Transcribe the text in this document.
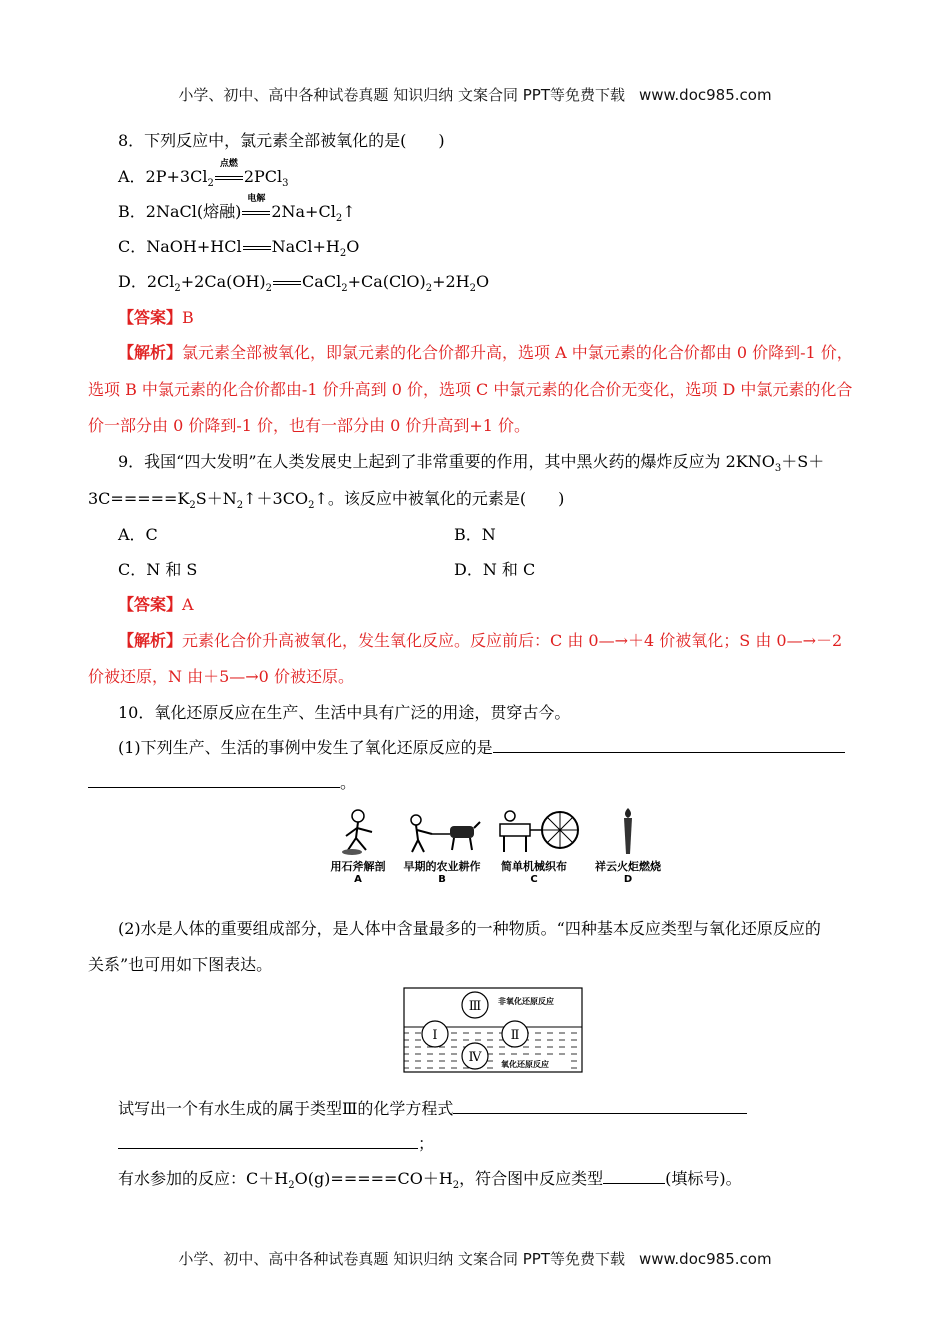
小学、初中、高中各种试卷真题 知识归纳 文案合同 PPT等免费下载 www.doc985.com
8．下列反应中，氯元素全部被氧化的是(　　)
A．$2P+3Cl_2$
点燃
2PCl$_3$
B．2NaCl(熔融)
电解
$2Na+Cl_2↑$
C．NaOH+HCl $NaCl+H_2O$
D．$2Cl_2+2Ca(OH)_2$ $CaCl_2+Ca(ClO)_2+2H_2O$
【答案】B
【解析】氯元素全部被氧化，即氯元素的化合价都升高，选项 A 中氯元素的化合价都由 0 价降到-1 价，
选项 B 中氯元素的化合价都由-1 价升高到 0 价，选项 C 中氯元素的化合价无变化，选项 D 中氯元素的化合
价一部分由 0 价降到-1 价，也有一部分由 0 价升高到+1 价。
9．我国“四大发明”在人类发展史上起到了非常重要的作用，其中黑火药的爆炸反应为 $2KNO_3+S+$
$3C=====K_2S+N_2↑+3CO_2↑$。该反应中被氧化的元素是(　　)
A．C	B．N
C．N 和 S	D．N 和 C
【答案】A
【解析】元素化合价升高被氧化，发生氧化反应。反应前后：C 由 0—→＋4 价被氧化；S 由 0—→－2
价被还原，N 由＋5—→0 价被还原。
10．氧化还原反应在生产、生活中具有广泛的用途，贯穿古今。
(1)下列生产、生活的事例中发生了氧化还原反应的是
。
用石斧解剖
A
早期的农业耕作
B
简单机械织布
C
祥云火炬燃烧
D
(2)水是人体的重要组成部分，是人体中含量最多的一种物质。“四种基本反应类型与氧化还原反应的
关系”也可用如下图表达。
Ⅲ
Ⅰ	Ⅱ
Ⅳ
非氧化还原反应
氧化还原反应
试写出一个有水生成的属于类型Ⅲ的化学方程式
；
有水参加的反应：$C+H_2O(g)=====CO+H_2$，符合图中反应类型	(填标号)。
小学、初中、高中各种试卷真题 知识归纳 文案合同 PPT等免费下载 www.doc985.com
